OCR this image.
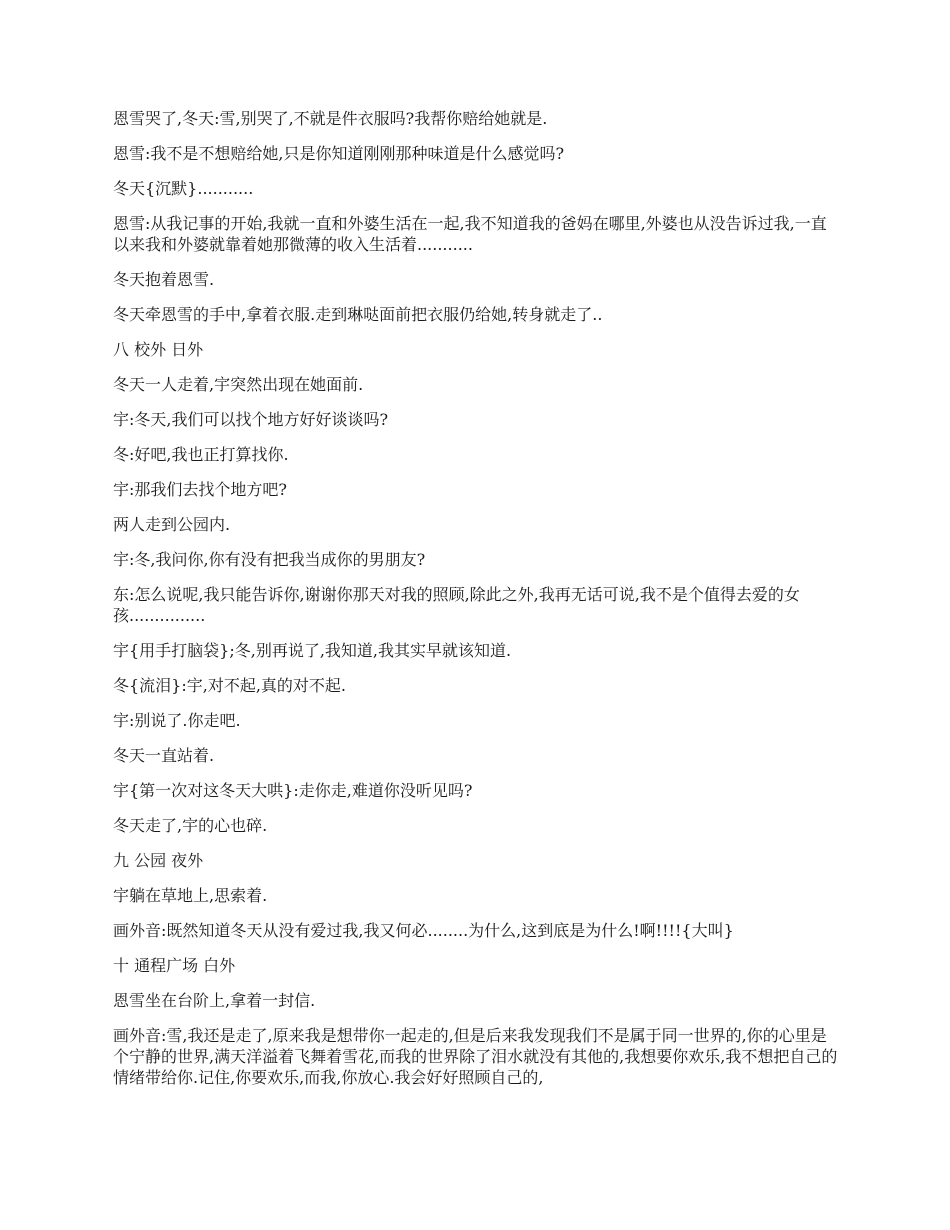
恩雪哭了,冬天:雪,别哭了,不就是件衣服吗?我帮你赔给她就是.

恩雪:我不是不想赔给她,只是你知道刚刚那种味道是什么感觉吗?

冬天{沉默}...........

恩雪:从我记事的开始,我就一直和外婆生活在一起,我不知道我的爸妈在哪里,外婆也从没告诉过我,一直以来我和外婆就靠着她那微薄的收入生活着...........

冬天抱着恩雪.

冬天牵恩雪的手中,拿着衣服.走到琳哒面前把衣服仍给她,转身就走了..

八 校外 日外

冬天一人走着,宇突然出现在她面前.

宇:冬天,我们可以找个地方好好谈谈吗?

冬:好吧,我也正打算找你.

宇:那我们去找个地方吧?

两人走到公园内.

宇:冬,我问你,你有没有把我当成你的男朋友?

东:怎么说呢,我只能告诉你,谢谢你那天对我的照顾,除此之外,我再无话可说,我不是个值得去爱的女孩...............

宇{用手打脑袋};冬,别再说了,我知道,我其实早就该知道.

冬{流泪}:宇,对不起,真的对不起.

宇:别说了.你走吧.

冬天一直站着.

宇{第一次对这冬天大哄}:走你走,难道你没听见吗?

冬天走了,宇的心也碎.

九 公园 夜外

宇躺在草地上,思索着.

画外音:既然知道冬天从没有爱过我,我又何必........为什么,这到底是为什么!啊!!!!{大叫}

十 通程广场 白外

恩雪坐在台阶上,拿着一封信.

画外音:雪,我还是走了,原来我是想带你一起走的,但是后来我发现我们不是属于同一世界的,你的心里是个宁静的世界,满天洋溢着飞舞着雪花,而我的世界除了泪水就没有其他的,我想要你欢乐,我不想把自己的情绪带给你.记住,你要欢乐,而我,你放心.我会好好照顾自己的,
